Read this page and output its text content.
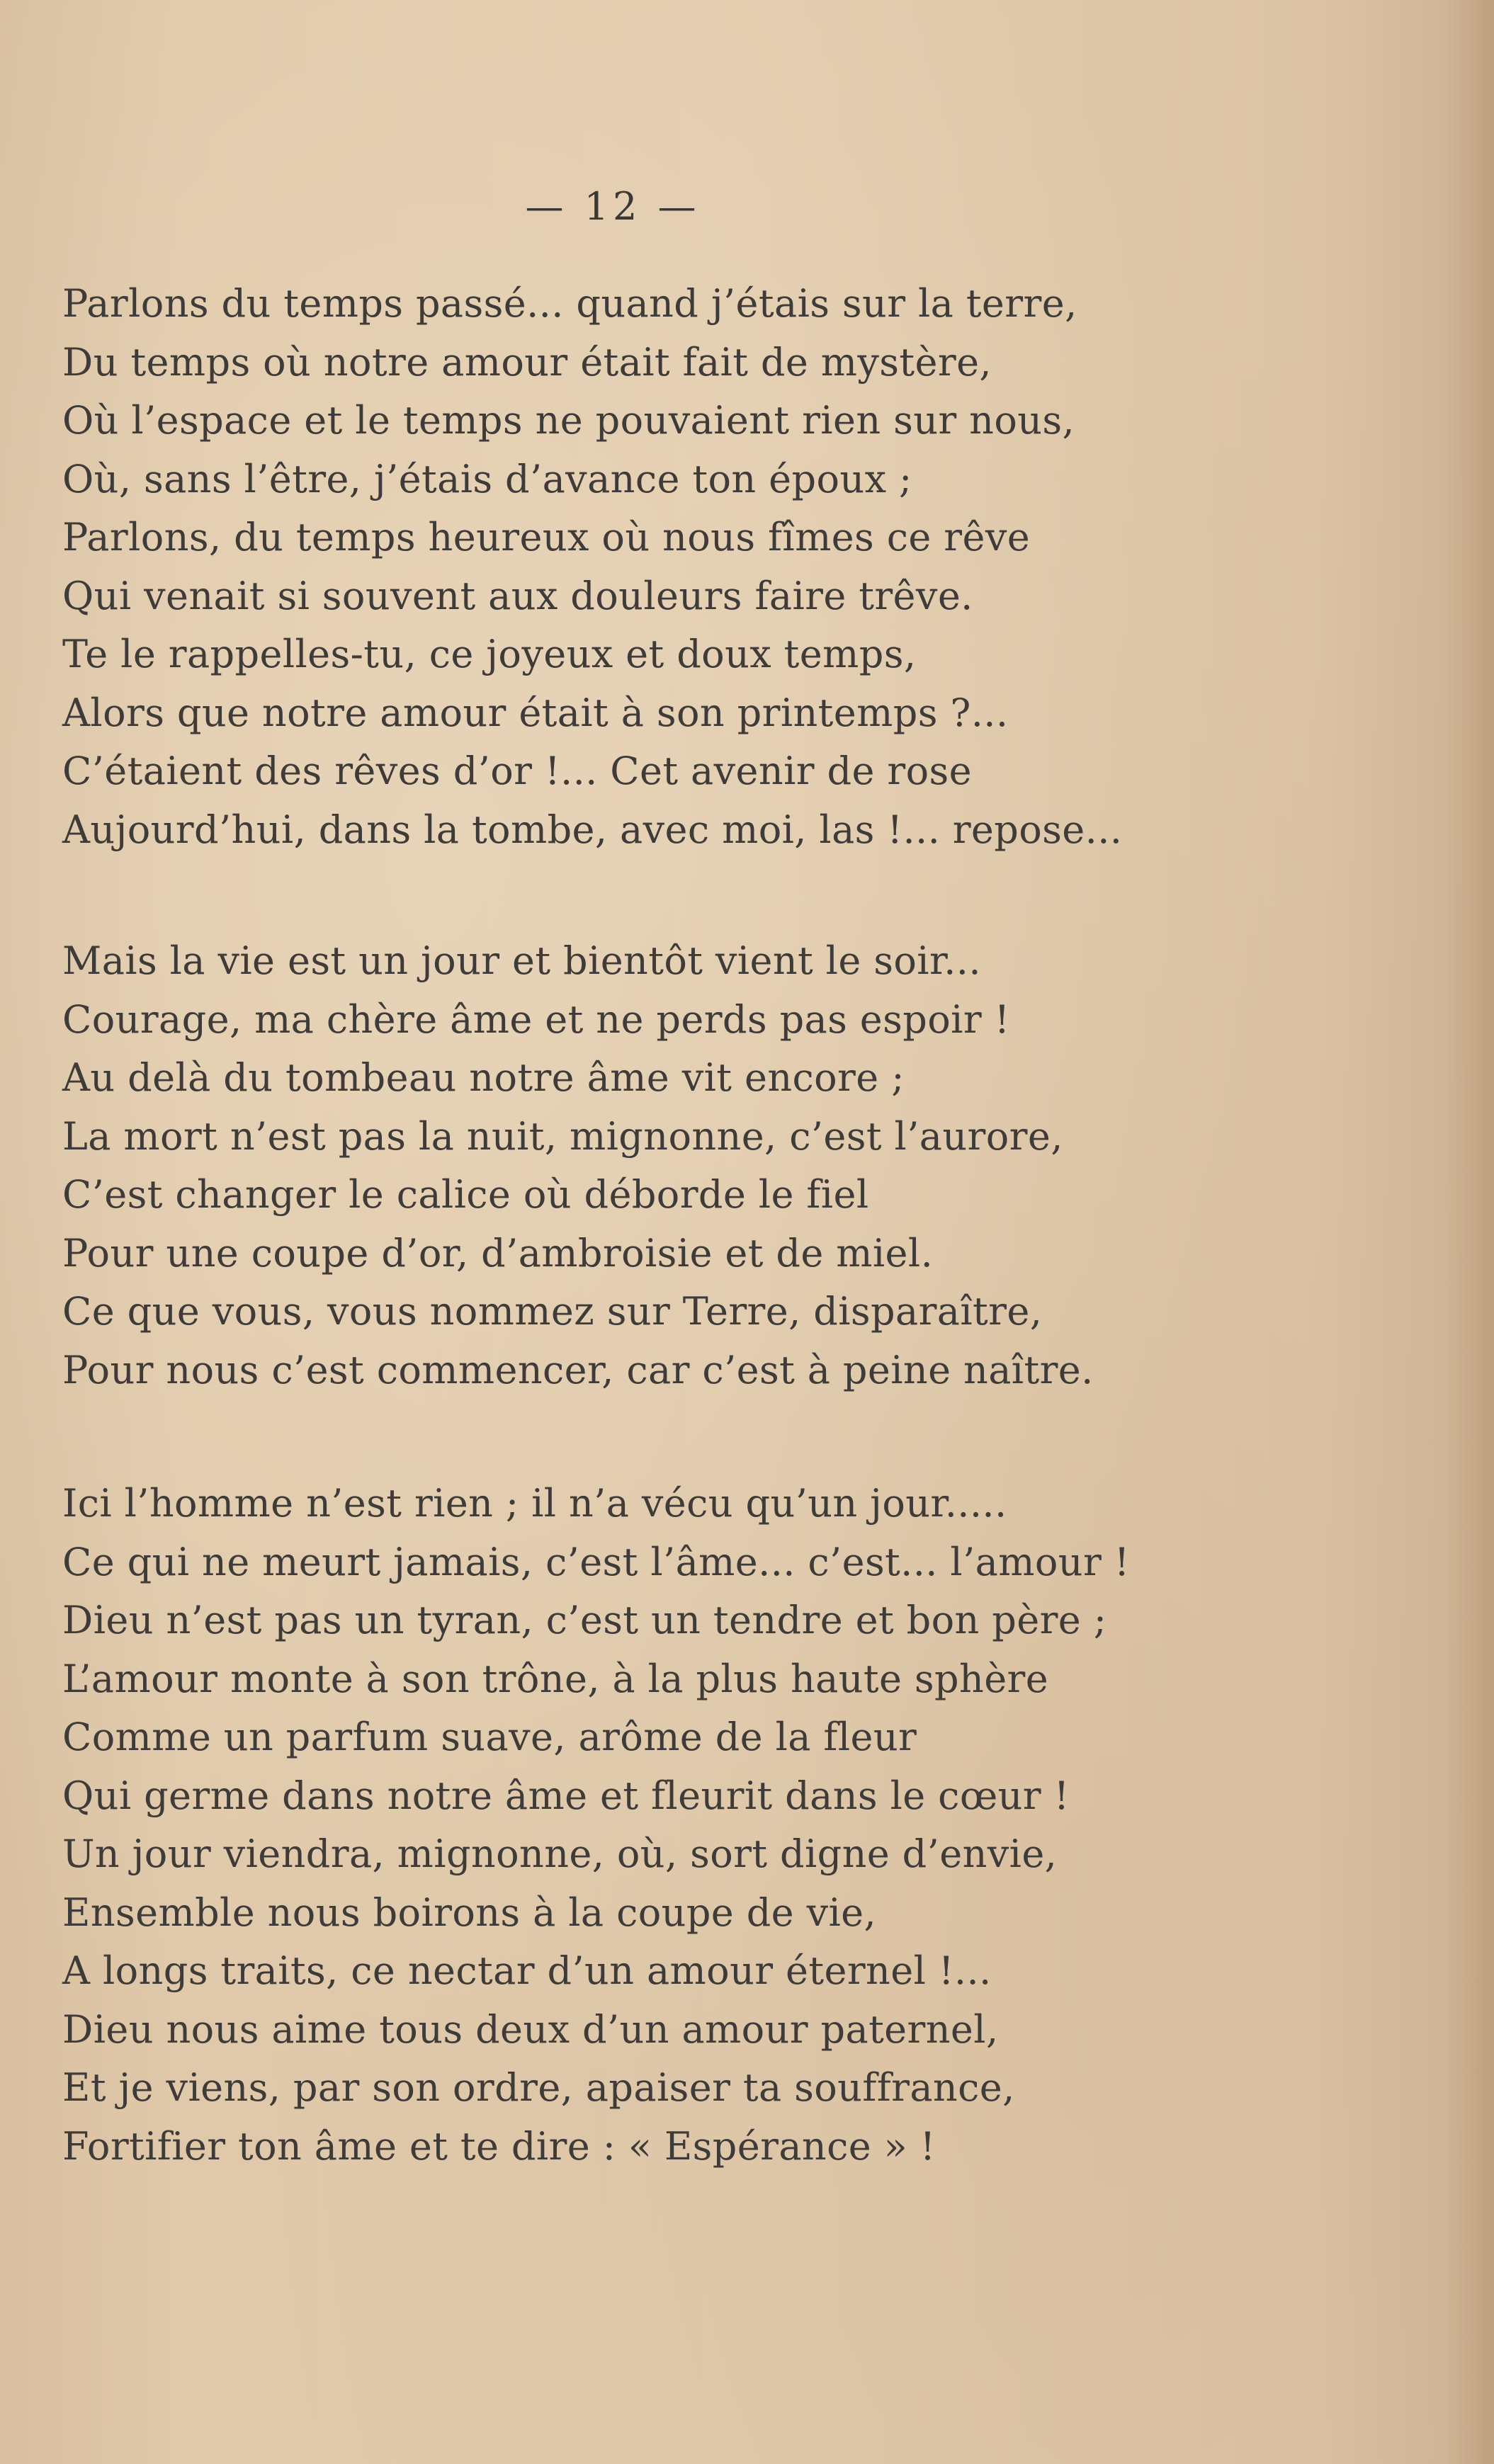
— 12 —
Parlons du temps passé... quand j’étais sur la terre,
Du temps où notre amour était fait de mystère,
Où l’espace et le temps ne pouvaient rien sur nous,
Où, sans l’être, j’étais d’avance ton époux ;
Parlons, du temps heureux où nous fîmes ce rêve
Qui venait si souvent aux douleurs faire trêve.
Te le rappelles-tu, ce joyeux et doux temps,
Alors que notre amour était à son printemps ?...
C’étaient des rêves d’or !... Cet avenir de rose
Aujourd’hui, dans la tombe, avec moi, las !... repose...
Mais la vie est un jour et bientôt vient le soir...
Courage, ma chère âme et ne perds pas espoir !
Au delà du tombeau notre âme vit encore ;
La mort n’est pas la nuit, mignonne, c’est l’aurore,
C’est changer le calice où déborde le fiel
Pour une coupe d’or, d’ambroisie et de miel.
Ce que vous, vous nommez sur Terre, disparaître,
Pour nous c’est commencer, car c’est à peine naître.
Ici l’homme n’est rien ; il n’a vécu qu’un jour.....
Ce qui ne meurt jamais, c’est l’âme... c’est... l’amour !
Dieu n’est pas un tyran, c’est un tendre et bon père ;
L’amour monte à son trône, à la plus haute sphère
Comme un parfum suave, arôme de la fleur
Qui germe dans notre âme et fleurit dans le cœur !
Un jour viendra, mignonne, où, sort digne d’envie,
Ensemble nous boirons à la coupe de vie,
A longs traits, ce nectar d’un amour éternel !...
Dieu nous aime tous deux d’un amour paternel,
Et je viens, par son ordre, apaiser ta souffrance,
Fortifier ton âme et te dire : « Espérance » !
